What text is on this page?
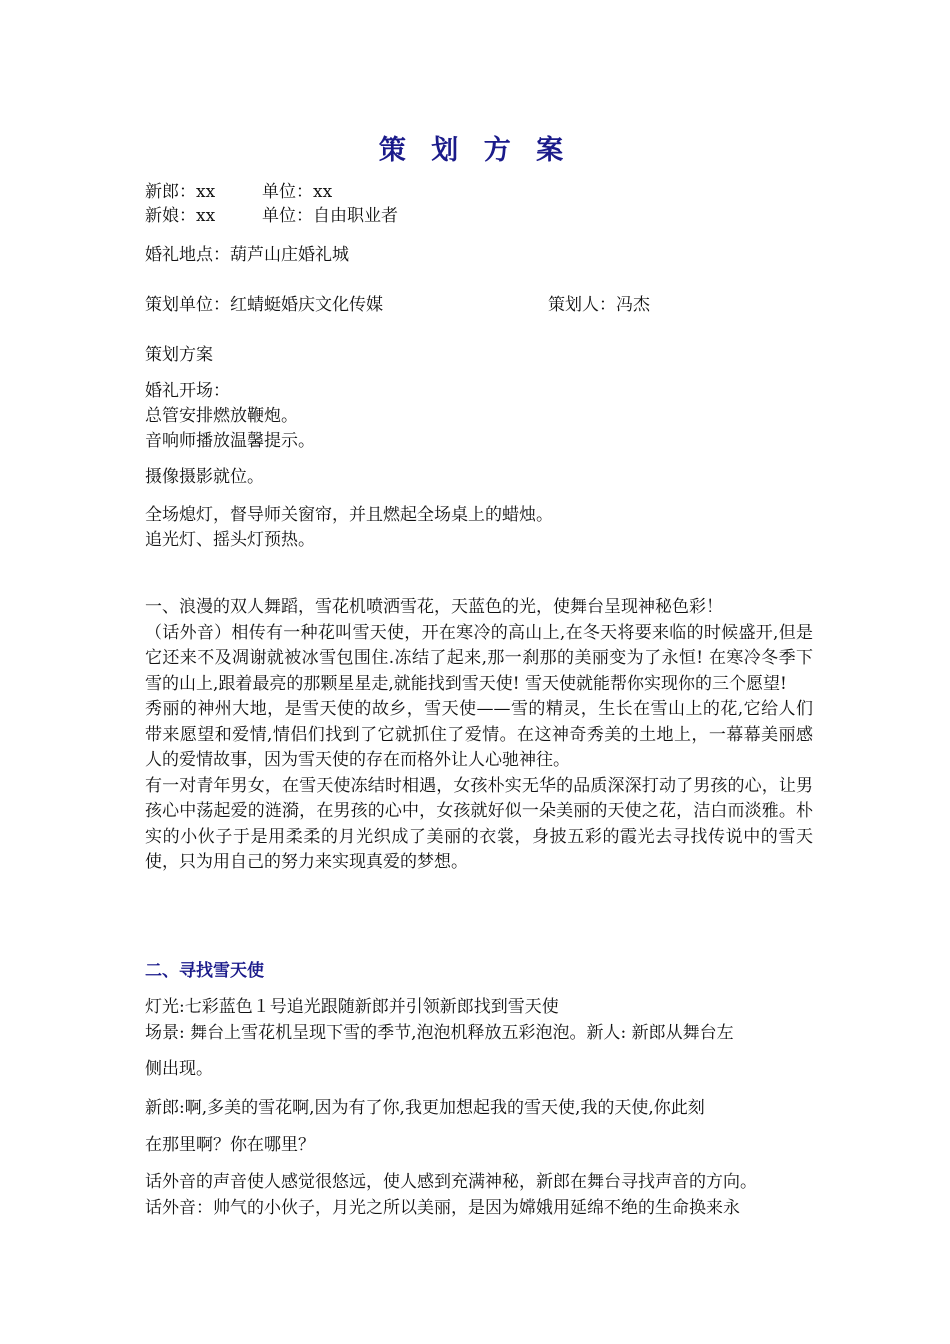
策 划 方 案
新郎：xx	单位：xx
新娘：xx	单位：自由职业者
婚礼地点：葫芦山庄婚礼城
策划单位：红蜻蜓婚庆文化传媒	策划人：冯杰
策划方案
婚礼开场：
总管安排燃放鞭炮。
音响师播放温馨提示。
摄像摄影就位。
全场熄灯，督导师关窗帘，并且燃起全场桌上的蜡烛。
追光灯、摇头灯预热。

一、浪漫的双人舞蹈，雪花机喷洒雪花，天蓝色的光，使舞台呈现神秘色彩！

（话外音）相传有一种花叫雪天使，开在寒冷的高山上,在冬天将要来临的时候盛开,但是它还来不及凋谢就被冰雪包围住.冻结了起来,那一刹那的美丽变为了永恒! 在寒冷冬季下雪的山上,跟着最亮的那颗星星走,就能找到雪天使! 雪天使就能帮你实现你的三个愿望!

秀丽的神州大地，是雪天使的故乡，雪天使——雪的精灵，生长在雪山上的花,它给人们带来愿望和爱情,情侣们找到了它就抓住了爱情。在这神奇秀美的土地上，一幕幕美丽感人的爱情故事，因为雪天使的存在而格外让人心驰神往。

有一对青年男女，在雪天使冻结时相遇，女孩朴实无华的品质深深打动了男孩的心，让男孩心中荡起爱的涟漪，在男孩的心中，女孩就好似一朵美丽的天使之花，洁白而淡雅。朴实的小伙子于是用柔柔的月光织成了美丽的衣裳，身披五彩的霞光去寻找传说中的雪天使，只为用自己的努力来实现真爱的梦想。

二、寻找雪天使
灯光:七彩蓝色１号追光跟随新郎并引领新郎找到雪天使
场景: 舞台上雪花机呈现下雪的季节,泡泡机释放五彩泡泡。新人: 新郎从舞台左
侧出现。
新郎:啊,多美的雪花啊,因为有了你,我更加想起我的雪天使,我的天使,你此刻
在那里啊？你在哪里？
话外音的声音使人感觉很悠远，使人感到充满神秘，新郎在舞台寻找声音的方向。
话外音：帅气的小伙子，月光之所以美丽，是因为嫦娥用延绵不绝的生命换来永
